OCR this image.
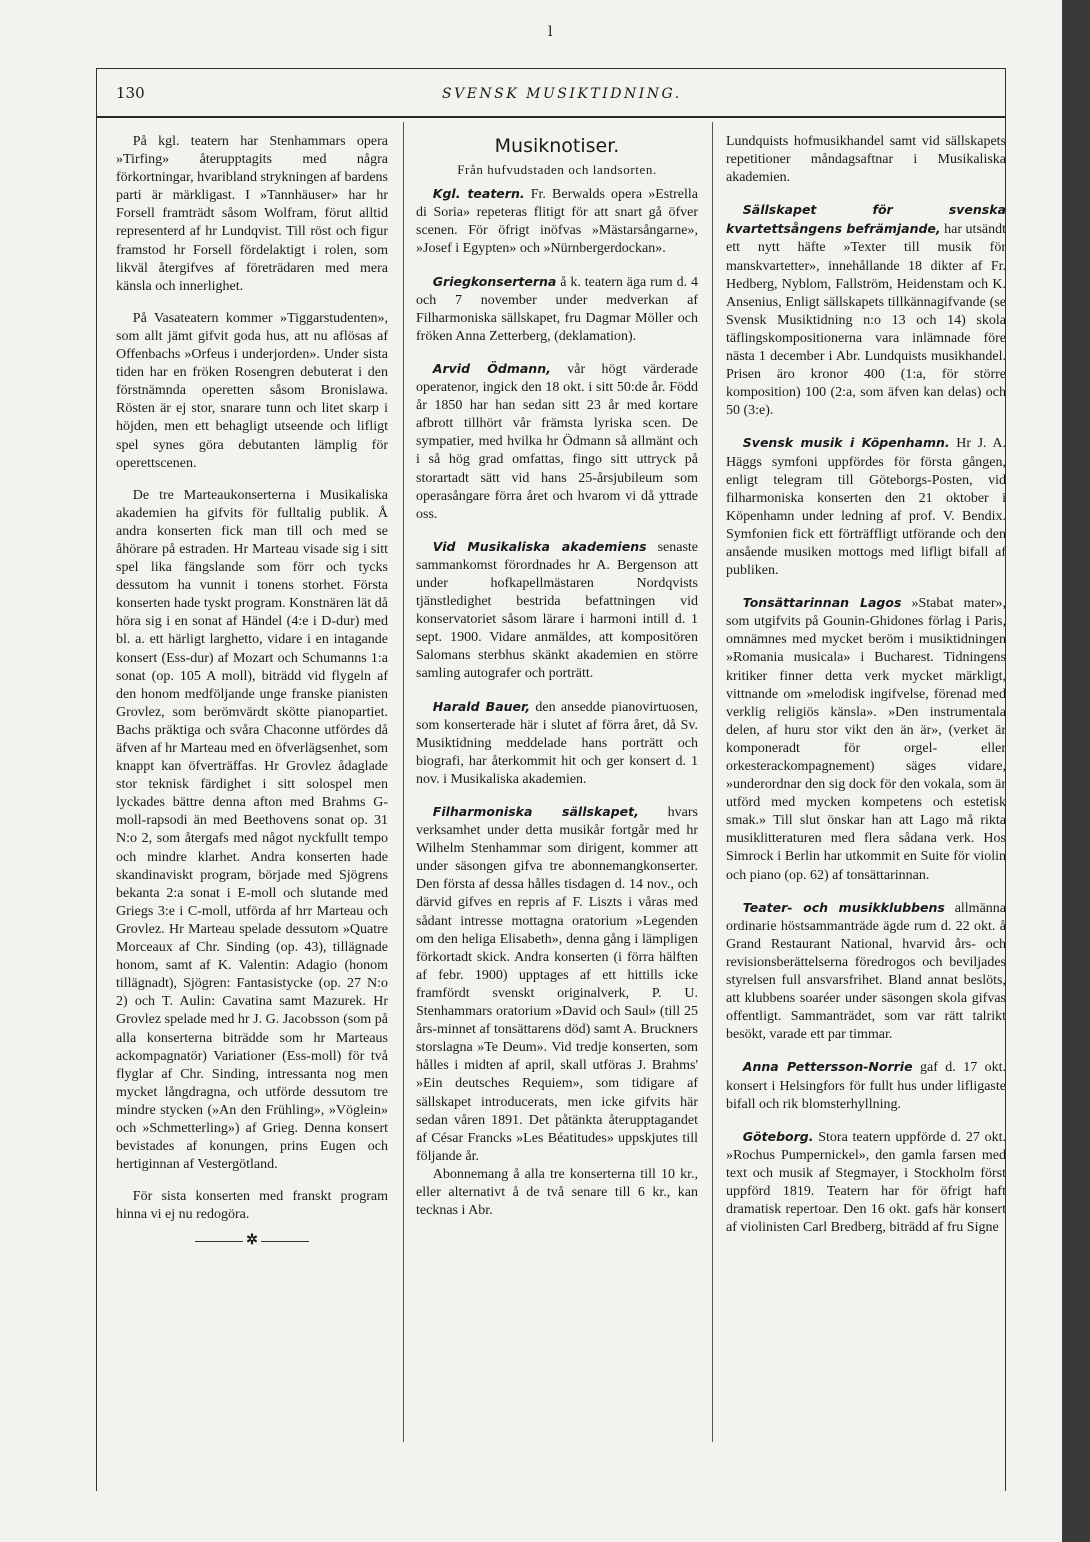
l
130	SVENSK MUSIKTIDNING.

På kgl. teatern har Stenhammars opera »Tirfing» återupptagits med några förkortningar, hvaribland strykningen af bardens parti är märkligast. I »Tannhäuser» har hr Forsell framträdt såsom Wolfram, förut alltid representerd af hr Lundqvist. Till röst och figur framstod hr Forsell fördelaktigt i rolen, som likväl återgifves af företrädaren med mera känsla och innerlighet.

På Vasateatern kommer »Tiggarstudenten», som allt jämt gifvit goda hus, att nu aflösas af Offenbachs »Orfeus i underjorden». Under sista tiden har en fröken Rosengren debuterat i den förstnämnda operetten såsom Bronislawa. Rösten är ej stor, snarare tunn och litet skarp i höjden, men ett behagligt utseende och lifligt spel synes göra debutanten lämplig för operettscenen.

De tre Marteaukonserterna i Musikaliska akademien ha gifvits för fulltalig publik. Å andra konserten fick man till och med se åhörare på estraden. Hr Marteau visade sig i sitt spel lika fängslande som förr och tycks dessutom ha vunnit i tonens storhet. Första konserten hade tyskt program. Konstnären lät då höra sig i en sonat af Händel (4:e i D-dur) med bl. a. ett härligt larghetto, vidare i en intagande konsert (Ess-dur) af Mozart och Schumanns 1:a sonat (op. 105 A moll), biträdd vid flygeln af den honom medföljande unge franske pianisten Grovlez, som berömvärdt skötte pianopartiet. Bachs präktiga och svåra Chaconne utfördes då äfven af hr Marteau med en öfverlägsenhet, som knappt kan öfverträffas. Hr Grovlez ådaglade stor teknisk färdighet i sitt solospel men lyckades bättre denna afton med Brahms G-moll-rapsodi än med Beethovens sonat op. 31 N:o 2, som återgafs med något nyckfullt tempo och mindre klarhet. Andra konserten hade skandinaviskt program, började med Sjögrens bekanta 2:a sonat i E-moll och slutande med Griegs 3:e i C-moll, utförda af hrr Marteau och Grovlez. Hr Marteau spelade dessutom »Quatre Morceaux af Chr. Sinding (op. 43), tillägnade honom, samt af K. Valentin: Adagio (honom tillägnadt), Sjögren: Fantasistycke (op. 27 N:o 2) och T. Aulin: Cavatina samt Mazurek. Hr Grovlez spelade med hr J. G. Jacobsson (som på alla konserterna biträdde som hr Marteaus ackompagnatör) Variationer (Ess-moll) för två flyglar af Chr. Sinding, intressanta nog men mycket långdragna, och utförde dessutom tre mindre stycken (»An den Frühling», »Vöglein» och »Schmetterling») af Grieg. Denna konsert bevistades af konungen, prins Eugen och hertiginnan af Vestergötland.

För sista konserten med franskt program hinna vi ej nu redogöra.

✲
Musiknotiser.
Från hufvudstaden och landsorten.

Kgl. teatern. Fr. Berwalds opera »Estrella di Soria» repeteras flitigt för att snart gå öfver scenen. För öfrigt inöfvas »Mästarsångarne», »Josef i Egypten» och »Nürnbergerdockan».

Griegkonserterna å k. teatern äga rum d. 4 och 7 november under medverkan af Filharmoniska sällskapet, fru Dagmar Möller och fröken Anna Zetterberg, (deklamation).

Arvid Ödmann, vår högt värderade operatenor, ingick den 18 okt. i sitt 50:de år. Född år 1850 har han sedan sitt 23 år med kortare afbrott tillhört vår främsta lyriska scen. De sympatier, med hvilka hr Ödmann så allmänt och i så hög grad omfattas, fingo sitt uttryck på storartadt sätt vid hans 25-årsjubileum som operasångare förra året och hvarom vi då yttrade oss.

Vid Musikaliska akademiens senaste sammankomst förordnades hr A. Bergenson att under hofkapellmästaren Nordqvists tjänstledighet bestrida befattningen vid konservatoriet såsom lärare i harmoni intill d. 1 sept. 1900. Vidare anmäldes, att kompositören Salomans sterbhus skänkt akademien en större samling autografer och porträtt.

Harald Bauer, den ansedde pianovirtuosen, som konserterade här i slutet af förra året, då Sv. Musiktidning meddelade hans porträtt och biografi, har återkommit hit och ger konsert d. 1 nov. i Musikaliska akademien.

Filharmoniska sällskapet, hvars verksamhet under detta musikår fortgår med hr Wilhelm Stenhammar som dirigent, kommer att under säsongen gifva tre abonnemangkonserter. Den första af dessa hålles tisdagen d. 14 nov., och därvid gifves en repris af F. Liszts i våras med sådant intresse mottagna oratorium »Legenden om den heliga Elisabeth», denna gång i lämpligen förkortadt skick. Andra konserten (i förra hälften af febr. 1900) upptages af ett hittills icke framfördt svenskt originalverk, P. U. Stenhammars oratorium »David och Saul» (till 25 års-minnet af tonsättarens död) samt A. Bruckners storslagna »Te Deum». Vid tredje konserten, som hålles i midten af april, skall utföras J. Brahms' »Ein deutsches Requiem», som tidigare af sällskapet introducerats, men icke gifvits här sedan våren 1891. Det påtänkta återupptagandet af César Francks »Les Béatitudes» uppskjutes till följande år.

Abonnemang å alla tre konserterna till 10 kr., eller alternativt å de två senare till 6 kr., kan tecknas i Abr.

Lundquists hofmusikhandel samt vid sällskapets repetitioner måndagsaftnar i Musikaliska akademien.

Sällskapet för svenska kvartettsångens befrämjande, har utsändt ett nytt häfte »Texter till musik för manskvartetter», innehållande 18 dikter af Fr. Hedberg, Nyblom, Fallström, Heidenstam och K. Ansenius, Enligt sällskapets tillkännagifvande (se Svensk Musiktidning n:o 13 och 14) skola täflingskompositionerna vara inlämnade före nästa 1 december i Abr. Lundquists musikhandel. Prisen äro kronor 400 (1:a, för större komposition) 100 (2:a, som äfven kan delas) och 50 (3:e).

Svensk musik i Köpenhamn. Hr J. A. Häggs symfoni uppfördes för första gången, enligt telegram till Göteborgs-Posten, vid filharmoniska konserten den 21 oktober i Köpenhamn under ledning af prof. V. Bendix. Symfonien fick ett förträffligt utförande och den ansående musiken mottogs med lifligt bifall af publiken.

Tonsättarinnan Lagos »Stabat mater», som utgifvits på Gounin-Ghidones förlag i Paris, omnämnes med mycket beröm i musiktidningen »Romania musicala» i Bucharest. Tidningens kritiker finner detta verk mycket märkligt, vittnande om »melodisk ingifvelse, förenad med verklig religiös känsla». »Den instrumentala delen, af huru stor vikt den än är», (verket är komponeradt för orgel- eller orkesterackompagnement) säges vidare, »underordnar den sig dock för den vokala, som är utförd med mycken kompetens och estetisk smak.» Till slut önskar han att Lago må rikta musiklitteraturen med flera sådana verk. Hos Simrock i Berlin har utkommit en Suite för violin och piano (op. 62) af tonsättarinnan.

Teater- och musikklubbens allmänna ordinarie höstsammanträde ägde rum d. 22 okt. å Grand Restaurant National, hvarvid års- och revisionsberättelserna föredrogos och beviljades styrelsen full ansvarsfrihet. Bland annat beslöts, att klubbens soaréer under säsongen skola gifvas offentligt. Sammanträdet, som var rätt talrikt besökt, varade ett par timmar.

Anna Pettersson-Norrie gaf d. 17 okt. konsert i Helsingfors för fullt hus under lifligaste bifall och rik blomsterhyllning.

Göteborg. Stora teatern uppförde d. 27 okt. »Rochus Pumpernickel», den gamla farsen med text och musik af Stegmayer, i Stockholm först uppförd 1819. Teatern har för öfrigt haft dramatisk repertoar. Den 16 okt. gafs här konsert af violinisten Carl Bredberg, biträdd af fru Signe
